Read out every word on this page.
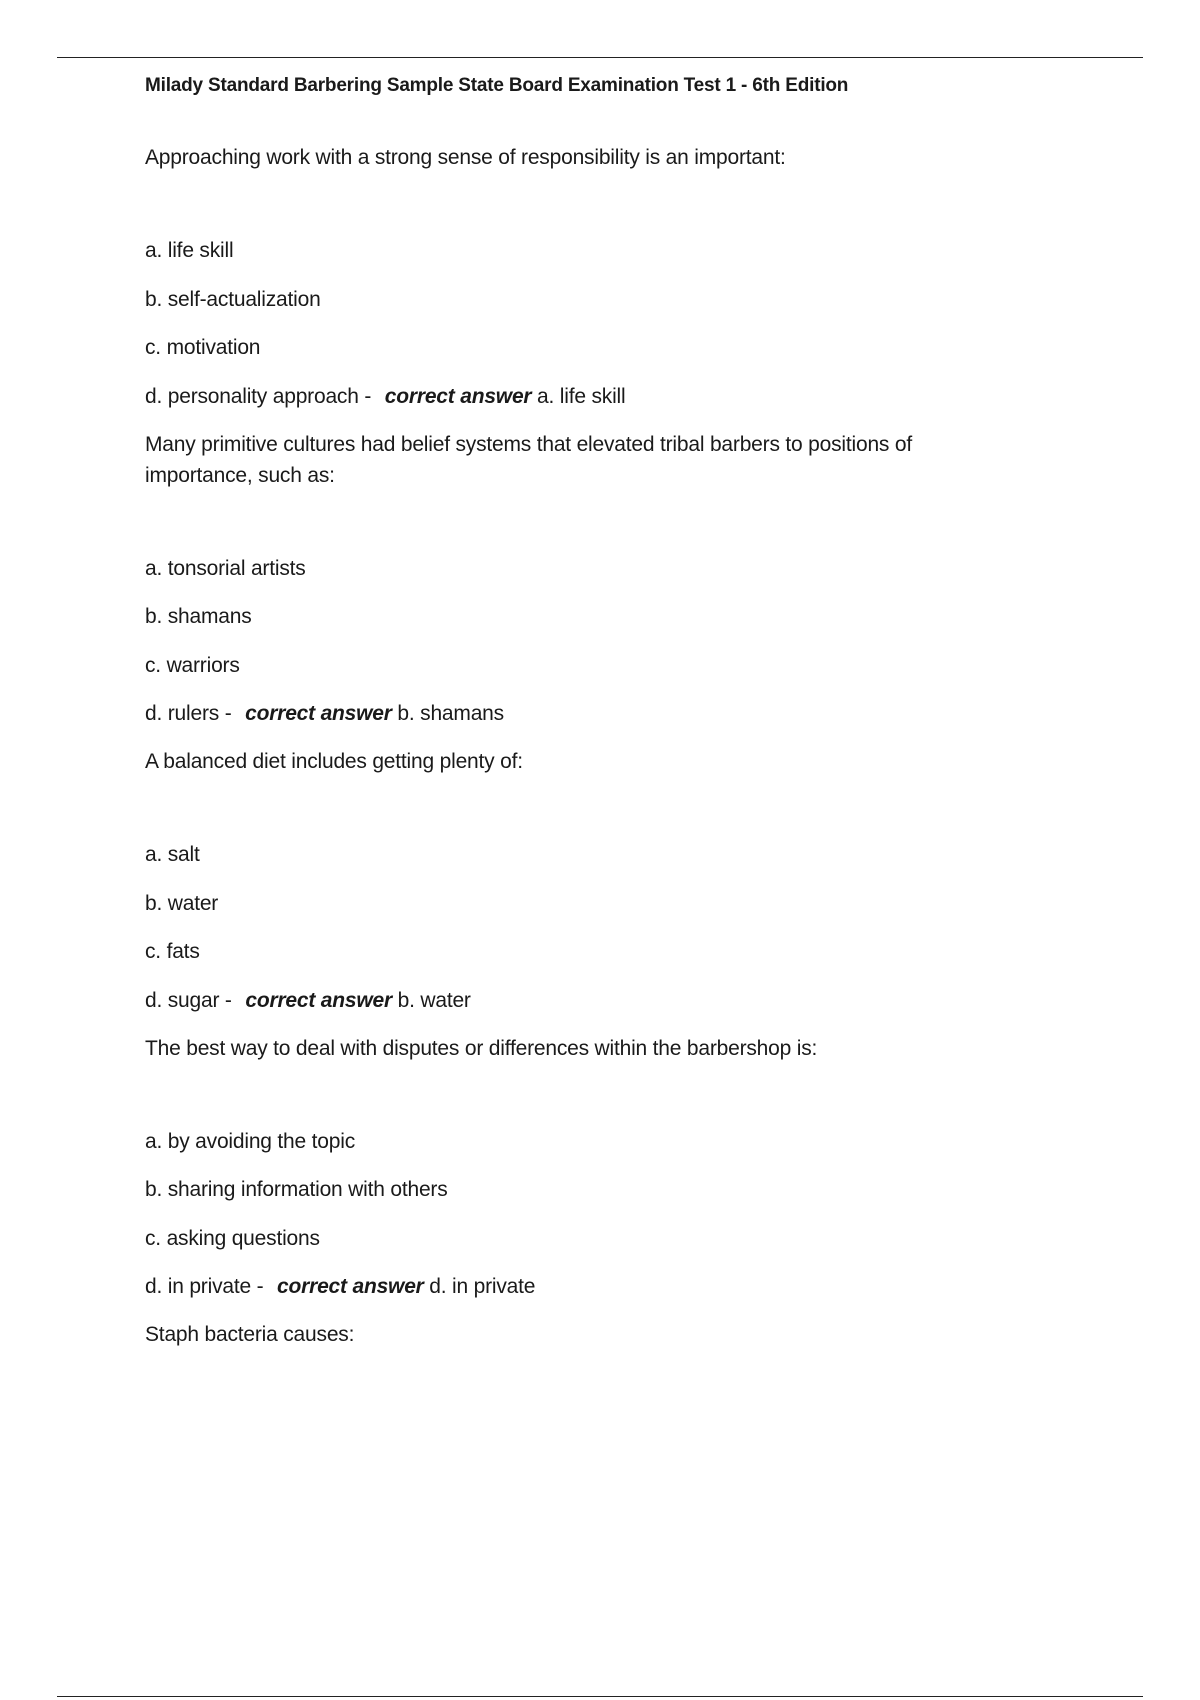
Milady Standard Barbering Sample State Board Examination Test 1 - 6th Edition
Approaching work with a strong sense of responsibility is an important:
a. life skill
b. self-actualization
c. motivation
d. personality approach - correct answer a. life skill
Many primitive cultures had belief systems that elevated tribal barbers to positions of importance, such as:
a. tonsorial artists
b. shamans
c. warriors
d. rulers - correct answer b. shamans
A balanced diet includes getting plenty of:
a. salt
b. water
c. fats
d. sugar - correct answer b. water
The best way to deal with disputes or differences within the barbershop is:
a. by avoiding the topic
b. sharing information with others
c. asking questions
d. in private - correct answer d. in private
Staph bacteria causes:
